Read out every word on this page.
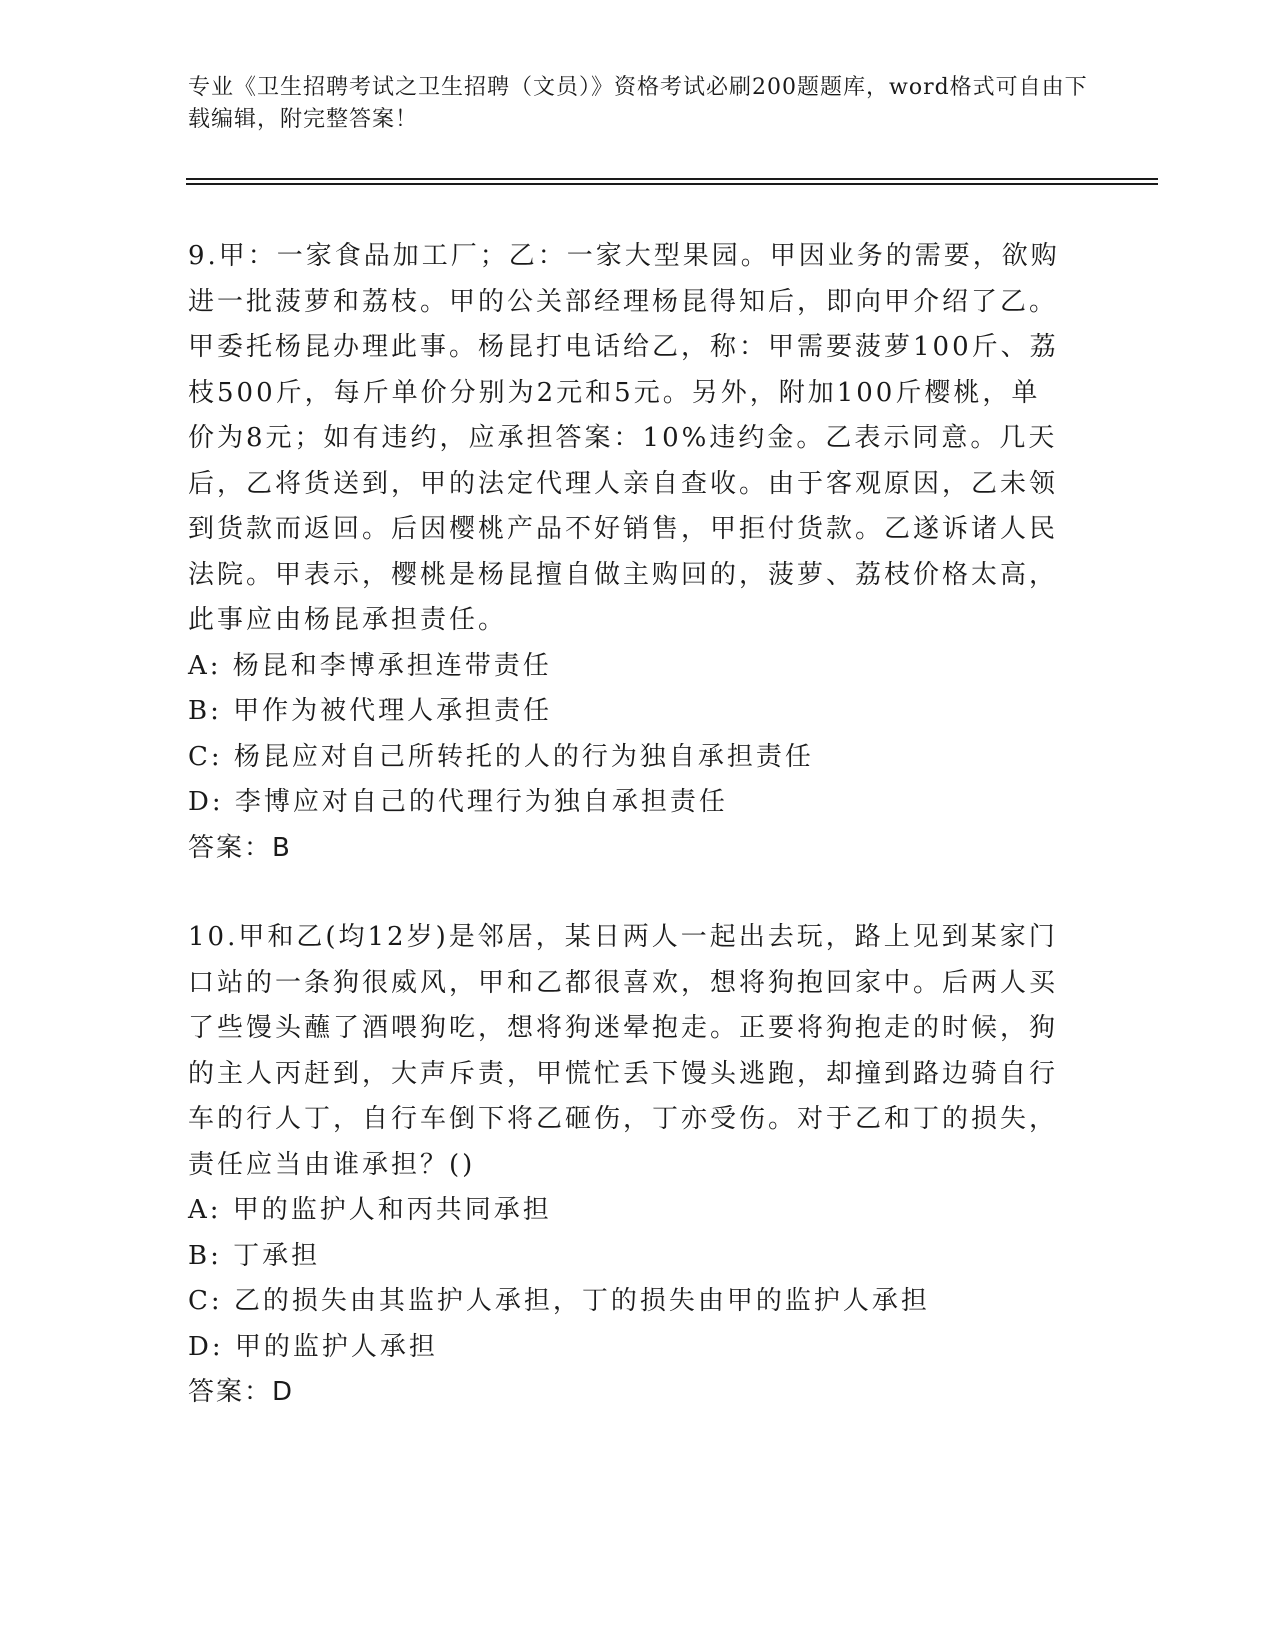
专业《卫生招聘考试之卫生招聘（文员）》资格考试必刷200题题库，word格式可自由下载编辑，附完整答案！

9.甲：一家食品加工厂；乙：一家大型果园。甲因业务的需要，欲购进一批菠萝和荔枝。甲的公关部经理杨昆得知后，即向甲介绍了乙。甲委托杨昆办理此事。杨昆打电话给乙，称：甲需要菠萝100斤、荔枝500斤，每斤单价分别为2元和5元。另外，附加100斤樱桃，单价为8元；如有违约，应承担答案：10%违约金。乙表示同意。几天后，乙将货送到，甲的法定代理人亲自查收。由于客观原因，乙未领到货款而返回。后因樱桃产品不好销售，甲拒付货款。乙遂诉诸人民法院。甲表示，樱桃是杨昆擅自做主购回的，菠萝、荔枝价格太高，此事应由杨昆承担责任。

A: 杨昆和李博承担连带责任
B: 甲作为被代理人承担责任
C: 杨昆应对自己所转托的人的行为独自承担责任
D: 李博应对自己的代理行为独自承担责任

答案：B

10.甲和乙(均12岁)是邻居，某日两人一起出去玩，路上见到某家门口站的一条狗很威风，甲和乙都很喜欢，想将狗抱回家中。后两人买了些馒头蘸了酒喂狗吃，想将狗迷晕抱走。正要将狗抱走的时候，狗的主人丙赶到，大声斥责，甲慌忙丢下馒头逃跑，却撞到路边骑自行车的行人丁，自行车倒下将乙砸伤，丁亦受伤。对于乙和丁的损失，责任应当由谁承担？()

A: 甲的监护人和丙共同承担
B: 丁承担
C: 乙的损失由其监护人承担，丁的损失由甲的监护人承担
D: 甲的监护人承担

答案：D
